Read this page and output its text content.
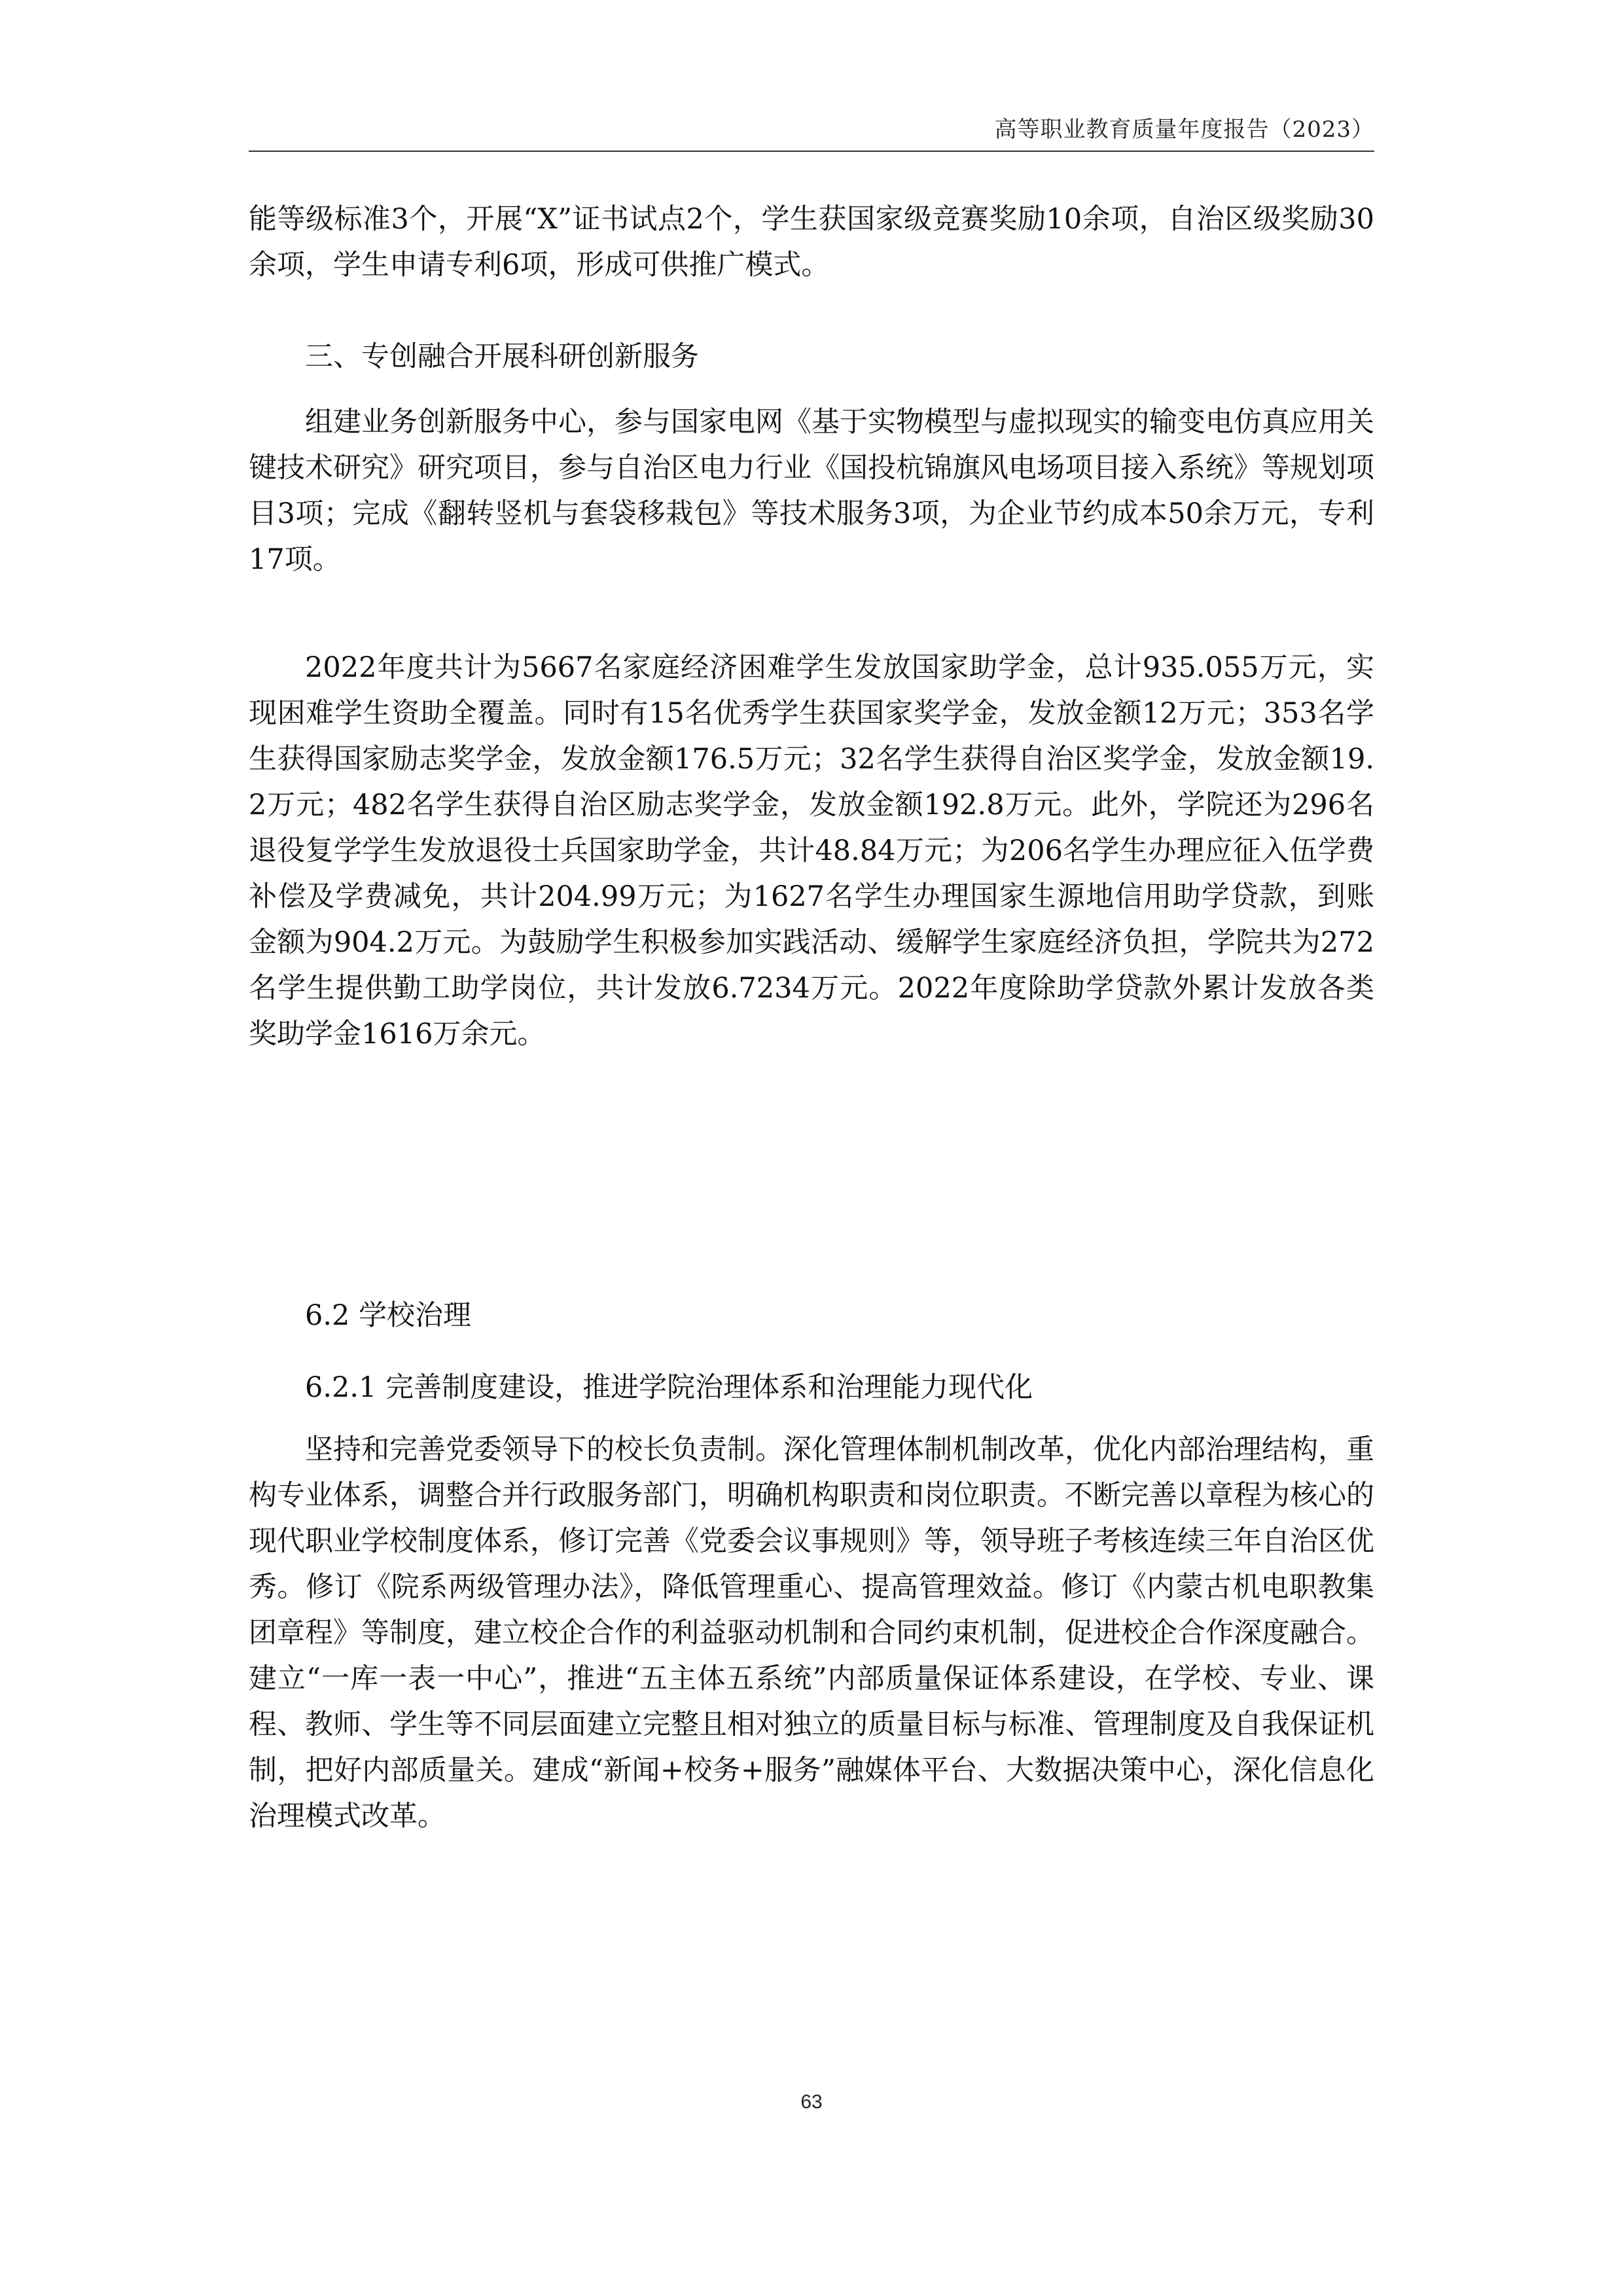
高等职业教育质量年度报告（2023）

能等级标准3个，开展“X”证书试点2个，学生获国家级竞赛奖励10余项，自治区级奖励30余项，学生申请专利6项，形成可供推广模式。

三、专创融合开展科研创新服务

组建业务创新服务中心，参与国家电网《基于实物模型与虚拟现实的输变电仿真应用关键技术研究》研究项目，参与自治区电力行业《国投杭锦旗风电场项目接入系统》等规划项目3项；完成《翻转竖机与套袋移栽包》等技术服务3项，为企业节约成本50余万元，专利17项。

2022年度共计为5667名家庭经济困难学生发放国家助学金，总计935.055万元，实现困难学生资助全覆盖。同时有15名优秀学生获国家奖学金，发放金额12万元；353名学生获得国家励志奖学金，发放金额176.5万元；32名学生获得自治区奖学金，发放金额19.2万元；482名学生获得自治区励志奖学金，发放金额192.8万元。此外，学院还为296名退役复学学生发放退役士兵国家助学金，共计48.84万元；为206名学生办理应征入伍学费补偿及学费减免，共计204.99万元；为1627名学生办理国家生源地信用助学贷款，到账金额为904.2万元。为鼓励学生积极参加实践活动、缓解学生家庭经济负担，学院共为272名学生提供勤工助学岗位，共计发放6.7234万元。2022年度除助学贷款外累计发放各类奖助学金1616万余元。

6.2 学校治理

6.2.1 完善制度建设，推进学院治理体系和治理能力现代化

坚持和完善党委领导下的校长负责制。深化管理体制机制改革，优化内部治理结构，重构专业体系，调整合并行政服务部门，明确机构职责和岗位职责。不断完善以章程为核心的现代职业学校制度体系，修订完善《党委会议事规则》等，领导班子考核连续三年自治区优秀。修订《院系两级管理办法》，降低管理重心、提高管理效益。修订《内蒙古机电职教集团章程》等制度，建立校企合作的利益驱动机制和合同约束机制，促进校企合作深度融合。建立“一库一表一中心”，推进“五主体五系统”内部质量保证体系建设，在学校、专业、课程、教师、学生等不同层面建立完整且相对独立的质量目标与标准、管理制度及自我保证机制，把好内部质量关。建成“新闻+校务+服务”融媒体平台、大数据决策中心，深化信息化治理模式改革。

63
